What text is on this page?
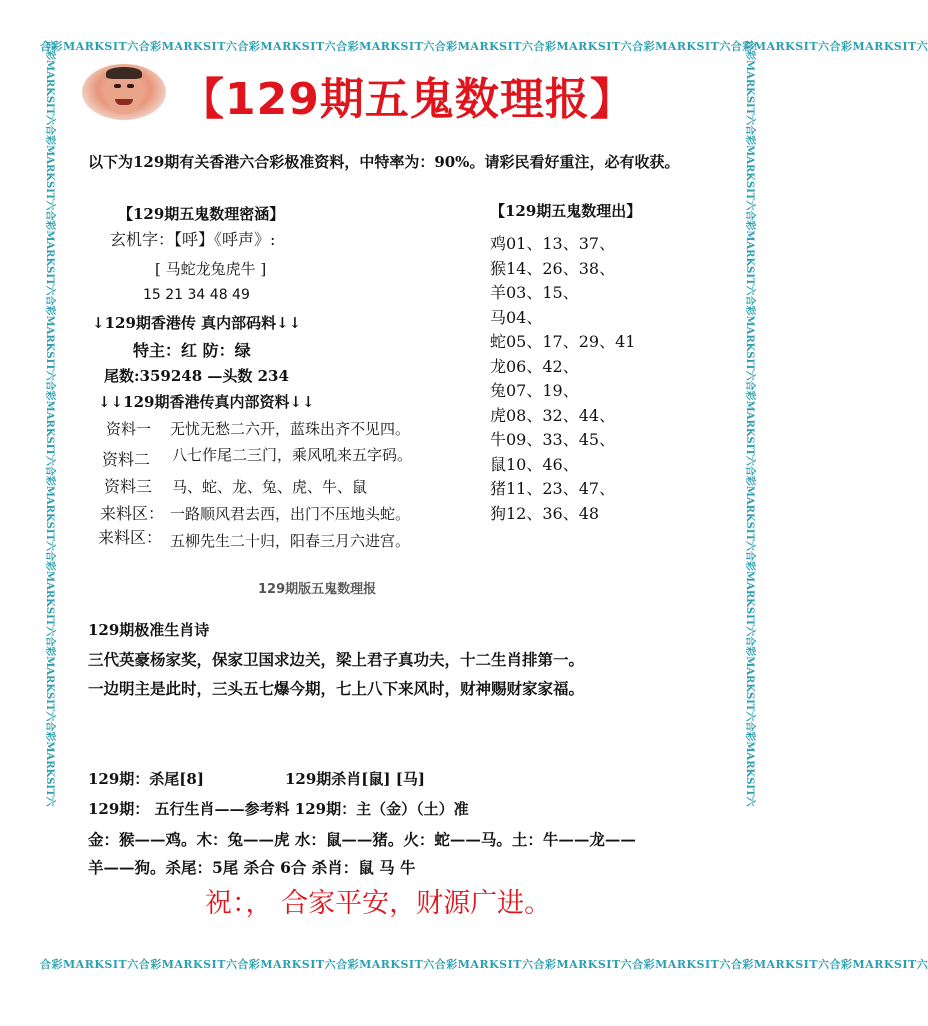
合彩MARKSIT六合彩MARKSIT六合彩MARKSIT六合彩MARKSIT六合彩MARKSIT六合彩MARKSIT六合彩MARKSIT六合彩MARKSIT六合彩MARKSIT六
合彩MARKSIT六合彩MARKSIT六合彩MARKSIT六合彩MARKSIT六合彩MARKSIT六合彩MARKSIT六合彩MARKSIT六合彩MARKSIT六合彩MARKSIT六
合彩MARKSIT六合彩MARKSIT六合彩MARKSIT六合彩MARKSIT六合彩MARKSIT六合彩MARKSIT六合彩MARKSIT六合彩MARKSIT六合彩MARKSIT六	合彩MARKSIT六合彩MARKSIT六合彩MARKSIT六合彩MARKSIT六合彩MARKSIT六合彩MARKSIT六合彩MARKSIT六合彩MARKSIT六合彩MARKSIT六
【129期五鬼数理报】
以下为129期有关香港六合彩极准资料，中特率为：90%。请彩民看好重注，必有收获。
【129期五鬼数理密涵】
玄机字：【呼】《呼声》:
[ 马蛇龙兔虎牛 ]
15 21 34 48 49
↓129期香港传 真内部码料↓↓
特主：红 防：绿
尾数:359248 —头数 234
↓↓129期香港传真内部资料↓↓
资料一 无忧无愁二六开，蓝珠出齐不见四。
资料二 八七作尾二三门，乘风吼来五字码。
资料三 马、蛇、龙、兔、虎、牛、鼠
来料区： 一路顺风君去西，出门不压地头蛇。
来料区： 五柳先生二十归，阳春三月六进宫。
【129期五鬼数理出】
鸡01、13、37、
猴14、26、38、
羊03、15、
马04、
蛇05、17、29、41
龙06、42、
兔07、19、
虎08、32、44、
牛09、33、45、
鼠10、46、
猪11、23、47、
狗12、36、48
129期版五鬼数理报
129期极准生肖诗
三代英豪杨家奖，保家卫国求边关，梁上君子真功夫，十二生肖排第一。
一边明主是此时，三头五七爆今期，七上八下来风时，财神赐财家家福。
129期：杀尾[8]	129期杀肖[鼠] [马]
129期： 五行生肖——参考料 129期：主（金）（土）准
金：猴——鸡。木：兔——虎 水：鼠——猪。火：蛇——马。土：牛——龙——
羊——狗。杀尾：5尾 杀合 6合 杀肖：鼠 马 牛
祝：， 合家平安，财源广进。
